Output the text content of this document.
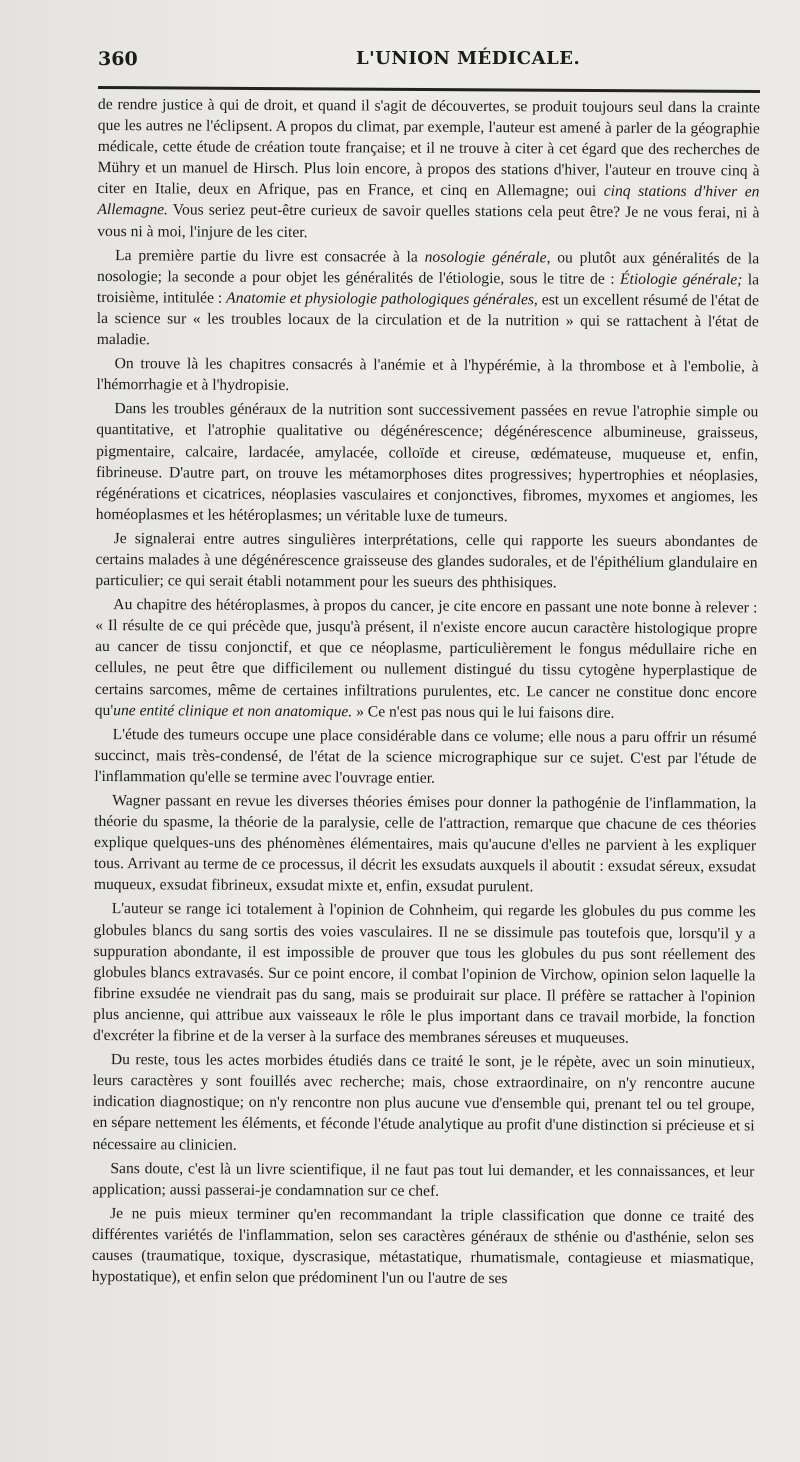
360	L'UNION MÉDICALE.

de rendre justice à qui de droit, et quand il s'agit de découvertes, se produit toujours seul dans la crainte que les autres ne l'éclipsent. A propos du climat, par exemple, l'auteur est amené à parler de la géographie médicale, cette étude de création toute française; et il ne trouve à citer à cet égard que des recherches de Mühry et un manuel de Hirsch. Plus loin encore, à propos des stations d'hiver, l'auteur en trouve cinq à citer en Italie, deux en Afrique, pas en France, et cinq en Allemagne; oui cinq stations d'hiver en Allemagne. Vous seriez peut-être curieux de savoir quelles stations cela peut être? Je ne vous ferai, ni à vous ni à moi, l'injure de les citer.

La première partie du livre est consacrée à la nosologie générale, ou plutôt aux généralités de la nosologie; la seconde a pour objet les généralités de l'étiologie, sous le titre de : Étiologie générale; la troisième, intitulée : Anatomie et physiologie pathologiques générales, est un excellent résumé de l'état de la science sur « les troubles locaux de la circulation et de la nutrition » qui se rattachent à l'état de maladie.

On trouve là les chapitres consacrés à l'anémie et à l'hypérémie, à la thrombose et à l'embolie, à l'hémorrhagie et à l'hydropisie.

Dans les troubles généraux de la nutrition sont successivement passées en revue l'atrophie simple ou quantitative, et l'atrophie qualitative ou dégénérescence; dégénérescence albumineuse, graisseus, pigmentaire, calcaire, lardacée, amylacée, colloïde et cireuse, œdémateuse, muqueuse et, enfin, fibrineuse. D'autre part, on trouve les métamorphoses dites progressives; hypertrophies et néoplasies, régénérations et cicatrices, néoplasies vasculaires et conjonctives, fibromes, myxomes et angiomes, les homéoplasmes et les hétéroplasmes; un véritable luxe de tumeurs.

Je signalerai entre autres singulières interprétations, celle qui rapporte les sueurs abondantes de certains malades à une dégénérescence graisseuse des glandes sudorales, et de l'épithélium glandulaire en particulier; ce qui serait établi notamment pour les sueurs des phthisiques.

Au chapitre des hétéroplasmes, à propos du cancer, je cite encore en passant une note bonne à relever : « Il résulte de ce qui précède que, jusqu'à présent, il n'existe encore aucun caractère histologique propre au cancer de tissu conjonctif, et que ce néoplasme, particulièrement le fongus médullaire riche en cellules, ne peut être que difficilement ou nullement distingué du tissu cytogène hyperplastique de certains sarcomes, même de certaines infiltrations purulentes, etc. Le cancer ne constitue donc encore qu'une entité clinique et non anatomique. » Ce n'est pas nous qui le lui faisons dire.

L'étude des tumeurs occupe une place considérable dans ce volume; elle nous a paru offrir un résumé succinct, mais très-condensé, de l'état de la science micrographique sur ce sujet. C'est par l'étude de l'inflammation qu'elle se termine avec l'ouvrage entier.

Wagner passant en revue les diverses théories émises pour donner la pathogénie de l'inflammation, la théorie du spasme, la théorie de la paralysie, celle de l'attraction, remarque que chacune de ces théories explique quelques-uns des phénomènes élémentaires, mais qu'aucune d'elles ne parvient à les expliquer tous. Arrivant au terme de ce processus, il décrit les exsudats auxquels il aboutit : exsudat séreux, exsudat muqueux, exsudat fibrineux, exsudat mixte et, enfin, exsudat purulent.

L'auteur se range ici totalement à l'opinion de Cohnheim, qui regarde les globules du pus comme les globules blancs du sang sortis des voies vasculaires. Il ne se dissimule pas toutefois que, lorsqu'il y a suppuration abondante, il est impossible de prouver que tous les globules du pus sont réellement des globules blancs extravasés. Sur ce point encore, il combat l'opinion de Virchow, opinion selon laquelle la fibrine exsudée ne viendrait pas du sang, mais se produirait sur place. Il préfère se rattacher à l'opinion plus ancienne, qui attribue aux vaisseaux le rôle le plus important dans ce travail morbide, la fonction d'excréter la fibrine et de la verser à la surface des membranes séreuses et muqueuses.

Du reste, tous les actes morbides étudiés dans ce traité le sont, je le répète, avec un soin minutieux, leurs caractères y sont fouillés avec recherche; mais, chose extraordinaire, on n'y rencontre aucune indication diagnostique; on n'y rencontre non plus aucune vue d'ensemble qui, prenant tel ou tel groupe, en sépare nettement les éléments, et féconde l'étude analytique au profit d'une distinction si précieuse et si nécessaire au clinicien.

Sans doute, c'est là un livre scientifique, il ne faut pas tout lui demander, et les connaissances, et leur application; aussi passerai-je condamnation sur ce chef.

Je ne puis mieux terminer qu'en recommandant la triple classification que donne ce traité des différentes variétés de l'inflammation, selon ses caractères généraux de sthénie ou d'asthénie, selon ses causes (traumatique, toxique, dyscrasique, métastatique, rhumatismale, contagieuse et miasmatique, hypostatique), et enfin selon que prédominent l'un ou l'autre de ses
